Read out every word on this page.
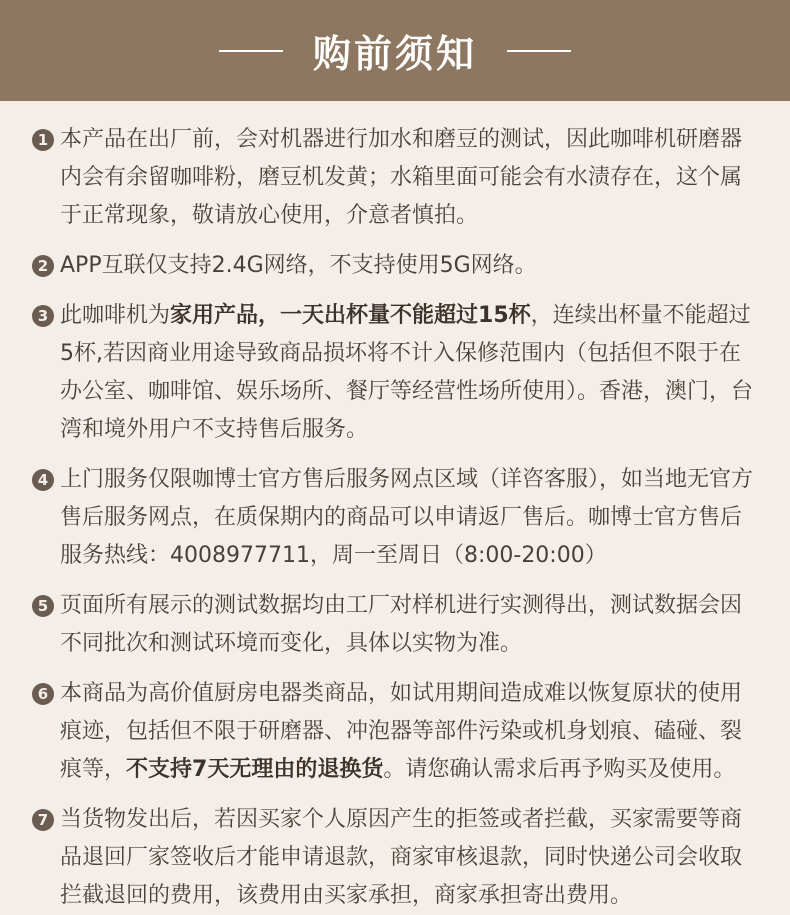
购前须知
1 本产品在出厂前，会对机器进行加水和磨豆的测试，因此咖啡机研磨器内会有余留咖啡粉，磨豆机发黄；水箱里面可能会有水渍存在，这个属于正常现象，敬请放心使用，介意者慎拍。
2 APP互联仅支持2.4G网络，不支持使用5G网络。
3 此咖啡机为家用产品，一天出杯量不能超过15杯，连续出杯量不能超过5杯,若因商业用途导致商品损坏将不计入保修范围内（包括但不限于在办公室、咖啡馆、娱乐场所、餐厅等经营性场所使用）。香港，澳门，台湾和境外用户不支持售后服务。
4 上门服务仅限咖博士官方售后服务网点区域（详咨客服），如当地无官方售后服务网点，在质保期内的商品可以申请返厂售后。咖博士官方售后服务热线：4008977711，周一至周日（8:00-20:00）
5 页面所有展示的测试数据均由工厂对样机进行实测得出，测试数据会因不同批次和测试环境而变化，具体以实物为准。
6 本商品为高价值厨房电器类商品，如试用期间造成难以恢复原状的使用痕迹，包括但不限于研磨器、冲泡器等部件污染或机身划痕、磕碰、裂痕等，不支持7天无理由的退换货。请您确认需求后再予购买及使用。
7 当货物发出后，若因买家个人原因产生的拒签或者拦截，买家需要等商品退回厂家签收后才能申请退款，商家审核退款，同时快递公司会收取拦截退回的费用，该费用由买家承担，商家承担寄出费用。
